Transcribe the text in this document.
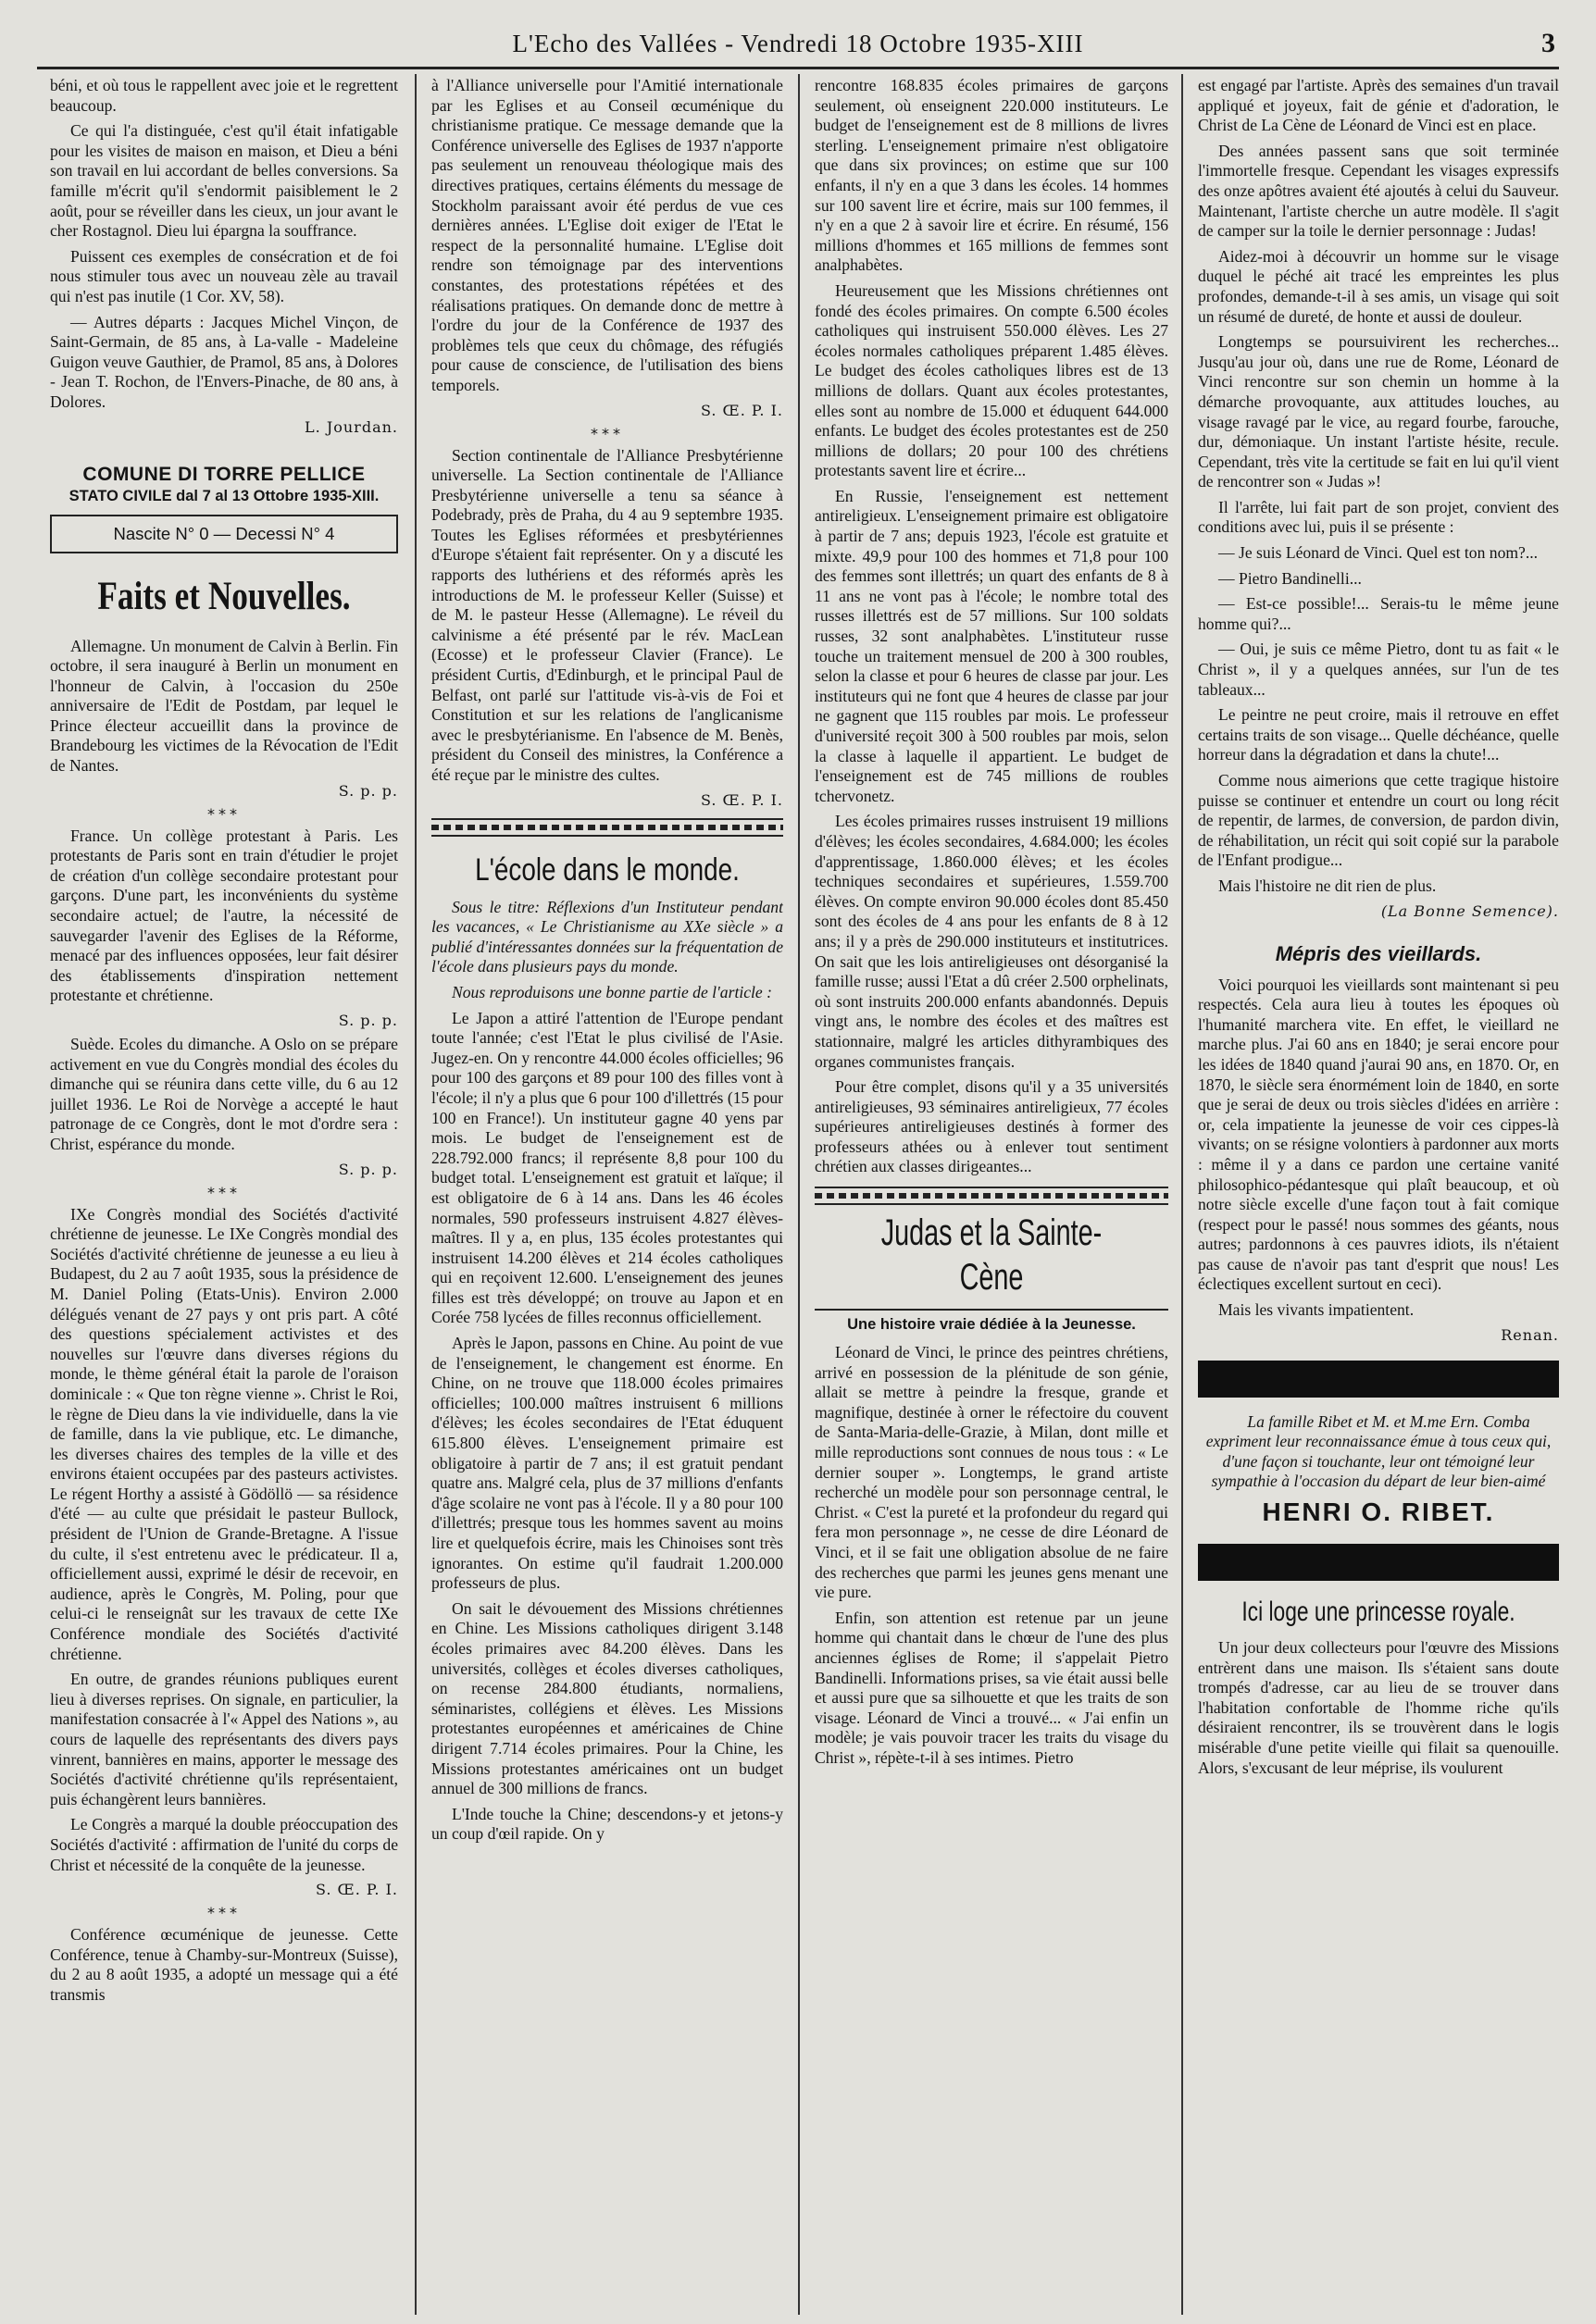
L'Echo des Vallées - Vendredi 18 Octobre 1935-XIII	3

béni, et où tous le rappellent avec joie et le regrettent beaucoup.

Ce qui l'a distinguée, c'est qu'il était infatigable pour les visites de maison en maison, et Dieu a béni son travail en lui accordant de belles conversions. Sa famille m'écrit qu'il s'endormit paisiblement le 2 août, pour se réveiller dans les cieux, un jour avant le cher Rostagnol. Dieu lui épargna la souffrance.

Puissent ces exemples de consécration et de foi nous stimuler tous avec un nouveau zèle au travail qui n'est pas inutile (1 Cor. XV, 58).

— Autres départs : Jacques Michel Vinçon, de Saint-Germain, de 85 ans, à La-valle - Madeleine Guigon veuve Gauthier, de Pramol, 85 ans, à Dolores - Jean T. Rochon, de l'Envers-Pinache, de 80 ans, à Dolores.

L. Jourdan.
COMUNE DI TORRE PELLICE
STATO CIVILE dal 7 al 13 Ottobre 1935-XIII.
Nascite N° 0 — Decessi N° 4
Faits et Nouvelles.

Allemagne. Un monument de Calvin à Berlin. Fin octobre, il sera inauguré à Berlin un monument en l'honneur de Calvin, à l'occasion du 250e anniversaire de l'Edit de Postdam, par lequel le Prince électeur accueillit dans la province de Brandebourg les victimes de la Révocation de l'Edit de Nantes.

S. p. p.
***

France. Un collège protestant à Paris. Les protestants de Paris sont en train d'étudier le projet de création d'un collège secondaire protestant pour garçons. D'une part, les inconvénients du système secondaire actuel; de l'autre, la nécessité de sauvegarder l'avenir des Eglises de la Réforme, menacé par des influences opposées, leur fait désirer des établissements d'inspiration nettement protestante et chrétienne.

S. p. p.

Suède. Ecoles du dimanche. A Oslo on se prépare activement en vue du Congrès mondial des écoles du dimanche qui se réunira dans cette ville, du 6 au 12 juillet 1936. Le Roi de Norvège a accepté le haut patronage de ce Congrès, dont le mot d'ordre sera : Christ, espérance du monde.

S. p. p.
***

IXe Congrès mondial des Sociétés d'activité chrétienne de jeunesse. Le IXe Congrès mondial des Sociétés d'activité chrétienne de jeunesse a eu lieu à Budapest, du 2 au 7 août 1935, sous la présidence de M. Daniel Poling (Etats-Unis). Environ 2.000 délégués venant de 27 pays y ont pris part. A côté des questions spécialement activistes et des nouvelles sur l'œuvre dans diverses régions du monde, le thème général était la parole de l'oraison dominicale : « Que ton règne vienne ». Christ le Roi, le règne de Dieu dans la vie individuelle, dans la vie de famille, dans la vie publique, etc. Le dimanche, les diverses chaires des temples de la ville et des environs étaient occupées par des pasteurs activistes. Le régent Horthy a assisté à Gödöllö — sa résidence d'été — au culte que présidait le pasteur Bullock, président de l'Union de Grande-Bretagne. A l'issue du culte, il s'est entretenu avec le prédicateur. Il a, officiellement aussi, exprimé le désir de recevoir, en audience, après le Congrès, M. Poling, pour que celui-ci le renseignât sur les travaux de cette IXe Conférence mondiale des Sociétés d'activité chrétienne.

En outre, de grandes réunions publiques eurent lieu à diverses reprises. On signale, en particulier, la manifestation consacrée à l'« Appel des Nations », au cours de laquelle des représentants des divers pays vinrent, bannières en mains, apporter le message des Sociétés d'activité chrétienne qu'ils représentaient, puis échangèrent leurs bannières.

Le Congrès a marqué la double préoccupation des Sociétés d'activité : affirmation de l'unité du corps de Christ et nécessité de la conquête de la jeunesse.

S. Œ. P. I.
***

Conférence œcuménique de jeunesse. Cette Conférence, tenue à Chamby-sur-Montreux (Suisse), du 2 au 8 août 1935, a adopté un message qui a été transmis

à l'Alliance universelle pour l'Amitié internationale par les Eglises et au Conseil œcuménique du christianisme pratique. Ce message demande que la Conférence universelle des Eglises de 1937 n'apporte pas seulement un renouveau théologique mais des directives pratiques, certains éléments du message de Stockholm paraissant avoir été perdus de vue ces dernières années. L'Eglise doit exiger de l'Etat le respect de la personnalité humaine. L'Eglise doit rendre son témoignage par des interventions constantes, des protestations répétées et des réalisations pratiques. On demande donc de mettre à l'ordre du jour de la Conférence de 1937 des problèmes tels que ceux du chômage, des réfugiés pour cause de conscience, de l'utilisation des biens temporels.

S. Œ. P. I.
***

Section continentale de l'Alliance Presbytérienne universelle. La Section continentale de l'Alliance Presbytérienne universelle a tenu sa séance à Podebrady, près de Praha, du 4 au 9 septembre 1935. Toutes les Eglises réformées et presbytériennes d'Europe s'étaient fait représenter. On y a discuté les rapports des luthériens et des réformés après les introductions de M. le professeur Keller (Suisse) et de M. le pasteur Hesse (Allemagne). Le réveil du calvinisme a été présenté par le rév. MacLean (Ecosse) et le professeur Clavier (France). Le président Curtis, d'Edinburgh, et le principal Paul de Belfast, ont parlé sur l'attitude vis-à-vis de Foi et Constitution et sur les relations de l'anglicanisme avec le presbytérianisme. En l'absence de M. Benès, président du Conseil des ministres, la Conférence a été reçue par le ministre des cultes.

S. Œ. P. I.
L'école dans le monde.

Sous le titre: Réflexions d'un Instituteur pendant les vacances, « Le Christianisme au XXe siècle » a publié d'intéressantes données sur la fréquentation de l'école dans plusieurs pays du monde.

Nous reproduisons une bonne partie de l'article :

Le Japon a attiré l'attention de l'Europe pendant toute l'année; c'est l'Etat le plus civilisé de l'Asie. Jugez-en. On y rencontre 44.000 écoles officielles; 96 pour 100 des garçons et 89 pour 100 des filles vont à l'école; il n'y a plus que 6 pour 100 d'illettrés (15 pour 100 en France!). Un instituteur gagne 40 yens par mois. Le budget de l'enseignement est de 228.792.000 francs; il représente 8,8 pour 100 du budget total. L'enseignement est gratuit et laïque; il est obligatoire de 6 à 14 ans. Dans les 46 écoles normales, 590 professeurs instruisent 4.827 élèves-maîtres. Il y a, en plus, 135 écoles protestantes qui instruisent 14.200 élèves et 214 écoles catholiques qui en reçoivent 12.600. L'enseignement des jeunes filles est très développé; on trouve au Japon et en Corée 758 lycées de filles reconnus officiellement.

Après le Japon, passons en Chine. Au point de vue de l'enseignement, le changement est énorme. En Chine, on ne trouve que 118.000 écoles primaires officielles; 100.000 maîtres instruisent 6 millions d'élèves; les écoles secondaires de l'Etat éduquent 615.800 élèves. L'enseignement primaire est obligatoire à partir de 7 ans; il est gratuit pendant quatre ans. Malgré cela, plus de 37 millions d'enfants d'âge scolaire ne vont pas à l'école. Il y a 80 pour 100 d'illettrés; presque tous les hommes savent au moins lire et quelquefois écrire, mais les Chinoises sont très ignorantes. On estime qu'il faudrait 1.200.000 professeurs de plus.

On sait le dévouement des Missions chrétiennes en Chine. Les Missions catholiques dirigent 3.148 écoles primaires avec 84.200 élèves. Dans les universités, collèges et écoles diverses catholiques, on recense 284.800 étudiants, normaliens, séminaristes, collégiens et élèves. Les Missions protestantes européennes et américaines de Chine dirigent 7.714 écoles primaires. Pour la Chine, les Missions protestantes américaines ont un budget annuel de 300 millions de francs.

L'Inde touche la Chine; descendons-y et jetons-y un coup d'œil rapide. On y

rencontre 168.835 écoles primaires de garçons seulement, où enseignent 220.000 instituteurs. Le budget de l'enseignement est de 8 millions de livres sterling. L'enseignement primaire n'est obligatoire que dans six provinces; on estime que sur 100 enfants, il n'y en a que 3 dans les écoles. 14 hommes sur 100 savent lire et écrire, mais sur 100 femmes, il n'y en a que 2 à savoir lire et écrire. En résumé, 156 millions d'hommes et 165 millions de femmes sont analphabètes.

Heureusement que les Missions chrétiennes ont fondé des écoles primaires. On compte 6.500 écoles catholiques qui instruisent 550.000 élèves. Les 27 écoles normales catholiques préparent 1.485 élèves. Le budget des écoles catholiques libres est de 13 millions de dollars. Quant aux écoles protestantes, elles sont au nombre de 15.000 et éduquent 644.000 enfants. Le budget des écoles protestantes est de 250 millions de dollars; 20 pour 100 des chrétiens protestants savent lire et écrire...

En Russie, l'enseignement est nettement antireligieux. L'enseignement primaire est obligatoire à partir de 7 ans; depuis 1923, l'école est gratuite et mixte. 49,9 pour 100 des hommes et 71,8 pour 100 des femmes sont illettrés; un quart des enfants de 8 à 11 ans ne vont pas à l'école; le nombre total des russes illettrés est de 57 millions. Sur 100 soldats russes, 32 sont analphabètes. L'instituteur russe touche un traitement mensuel de 200 à 300 roubles, selon la classe et pour 6 heures de classe par jour. Les instituteurs qui ne font que 4 heures de classe par jour ne gagnent que 115 roubles par mois. Le professeur d'université reçoit 300 à 500 roubles par mois, selon la classe à laquelle il appartient. Le budget de l'enseignement est de 745 millions de roubles tchervonetz.

Les écoles primaires russes instruisent 19 millions d'élèves; les écoles secondaires, 4.684.000; les écoles d'apprentissage, 1.860.000 élèves; et les écoles techniques secondaires et supérieures, 1.559.700 élèves. On compte environ 90.000 écoles dont 85.450 sont des écoles de 4 ans pour les enfants de 8 à 12 ans; il y a près de 290.000 instituteurs et institutrices. On sait que les lois antireligieuses ont désorganisé la famille russe; aussi l'Etat a dû créer 2.500 orphelinats, où sont instruits 200.000 enfants abandonnés. Depuis vingt ans, le nombre des écoles et des maîtres est stationnaire, malgré les articles dithyrambiques des organes communistes français.

Pour être complet, disons qu'il y a 35 universités antireligieuses, 93 séminaires antireligieux, 77 écoles supérieures antireligieuses destinés à former des professeurs athées ou à enlever tout sentiment chrétien aux classes dirigeantes...

Judas et la Sainte-Cène
Une histoire vraie dédiée à la Jeunesse.

Léonard de Vinci, le prince des peintres chrétiens, arrivé en possession de la plénitude de son génie, allait se mettre à peindre la fresque, grande et magnifique, destinée à orner le réfectoire du couvent de Santa-Maria-delle-Grazie, à Milan, dont mille et mille reproductions sont connues de nous tous : « Le dernier souper ». Longtemps, le grand artiste recherché un modèle pour son personnage central, le Christ. « C'est la pureté et la profondeur du regard qui fera mon personnage », ne cesse de dire Léonard de Vinci, et il se fait une obligation absolue de ne faire des recherches que parmi les jeunes gens menant une vie pure.

Enfin, son attention est retenue par un jeune homme qui chantait dans le chœur de l'une des plus anciennes églises de Rome; il s'appelait Pietro Bandinelli. Informations prises, sa vie était aussi belle et aussi pure que sa silhouette et que les traits de son visage. Léonard de Vinci a trouvé... « J'ai enfin un modèle; je vais pouvoir tracer les traits du visage du Christ », répète-t-il à ses intimes. Pietro

est engagé par l'artiste. Après des semaines d'un travail appliqué et joyeux, fait de génie et d'adoration, le Christ de La Cène de Léonard de Vinci est en place.

Des années passent sans que soit terminée l'immortelle fresque. Cependant les visages expressifs des onze apôtres avaient été ajoutés à celui du Sauveur. Maintenant, l'artiste cherche un autre modèle. Il s'agit de camper sur la toile le dernier personnage : Judas!

Aidez-moi à découvrir un homme sur le visage duquel le péché ait tracé les empreintes les plus profondes, demande-t-il à ses amis, un visage qui soit un résumé de dureté, de honte et aussi de douleur.

Longtemps se poursuivirent les recherches... Jusqu'au jour où, dans une rue de Rome, Léonard de Vinci rencontre sur son chemin un homme à la démarche provoquante, aux attitudes louches, au visage ravagé par le vice, au regard fourbe, farouche, dur, démoniaque. Un instant l'artiste hésite, recule. Cependant, très vite la certitude se fait en lui qu'il vient de rencontrer son « Judas »!

Il l'arrête, lui fait part de son projet, convient des conditions avec lui, puis il se présente :

— Je suis Léonard de Vinci. Quel est ton nom?...

— Pietro Bandinelli...

— Est-ce possible!... Serais-tu le même jeune homme qui?...

— Oui, je suis ce même Pietro, dont tu as fait « le Christ », il y a quelques années, sur l'un de tes tableaux...

Le peintre ne peut croire, mais il retrouve en effet certains traits de son visage... Quelle déchéance, quelle horreur dans la dégradation et dans la chute!...

Comme nous aimerions que cette tragique histoire puisse se continuer et entendre un court ou long récit de repentir, de larmes, de conversion, de pardon divin, de réhabilitation, un récit qui soit copié sur la parabole de l'Enfant prodigue...

Mais l'histoire ne dit rien de plus.

(La Bonne Semence).
Mépris des vieillards.

Voici pourquoi les vieillards sont maintenant si peu respectés. Cela aura lieu à toutes les époques où l'humanité marchera vite. En effet, le vieillard ne marche plus. J'ai 60 ans en 1840; je serai encore pour les idées de 1840 quand j'aurai 90 ans, en 1870. Or, en 1870, le siècle sera énormément loin de 1840, en sorte que je serai de deux ou trois siècles d'idées en arrière : or, cela impatiente la jeunesse de voir ces cippes-là vivants; on se résigne volontiers à pardonner aux morts : même il y a dans ce pardon une certaine vanité philosophico-pédantesque qui plaît beaucoup, et où notre siècle excelle d'une façon tout à fait comique (respect pour le passé! nous sommes des géants, nous autres; pardonnons à ces pauvres idiots, ils n'étaient pas cause de n'avoir pas tant d'esprit que nous! Les éclectiques excellent surtout en ceci).

Mais les vivants impatientent.

Renan.

La famille Ribet et M. et M.me Ern. Comba expriment leur reconnaissance émue à tous ceux qui, d'une façon si touchante, leur ont témoigné leur sympathie à l'occasion du départ de leur bien-aimé

HENRI O. RIBET.
Ici loge une princesse royale.

Un jour deux collecteurs pour l'œuvre des Missions entrèrent dans une maison. Ils s'étaient sans doute trompés d'adresse, car au lieu de se trouver dans l'habitation confortable de l'homme riche qu'ils désiraient rencontrer, ils se trouvèrent dans le logis misérable d'une petite vieille qui filait sa quenouille. Alors, s'excusant de leur méprise, ils voulurent
